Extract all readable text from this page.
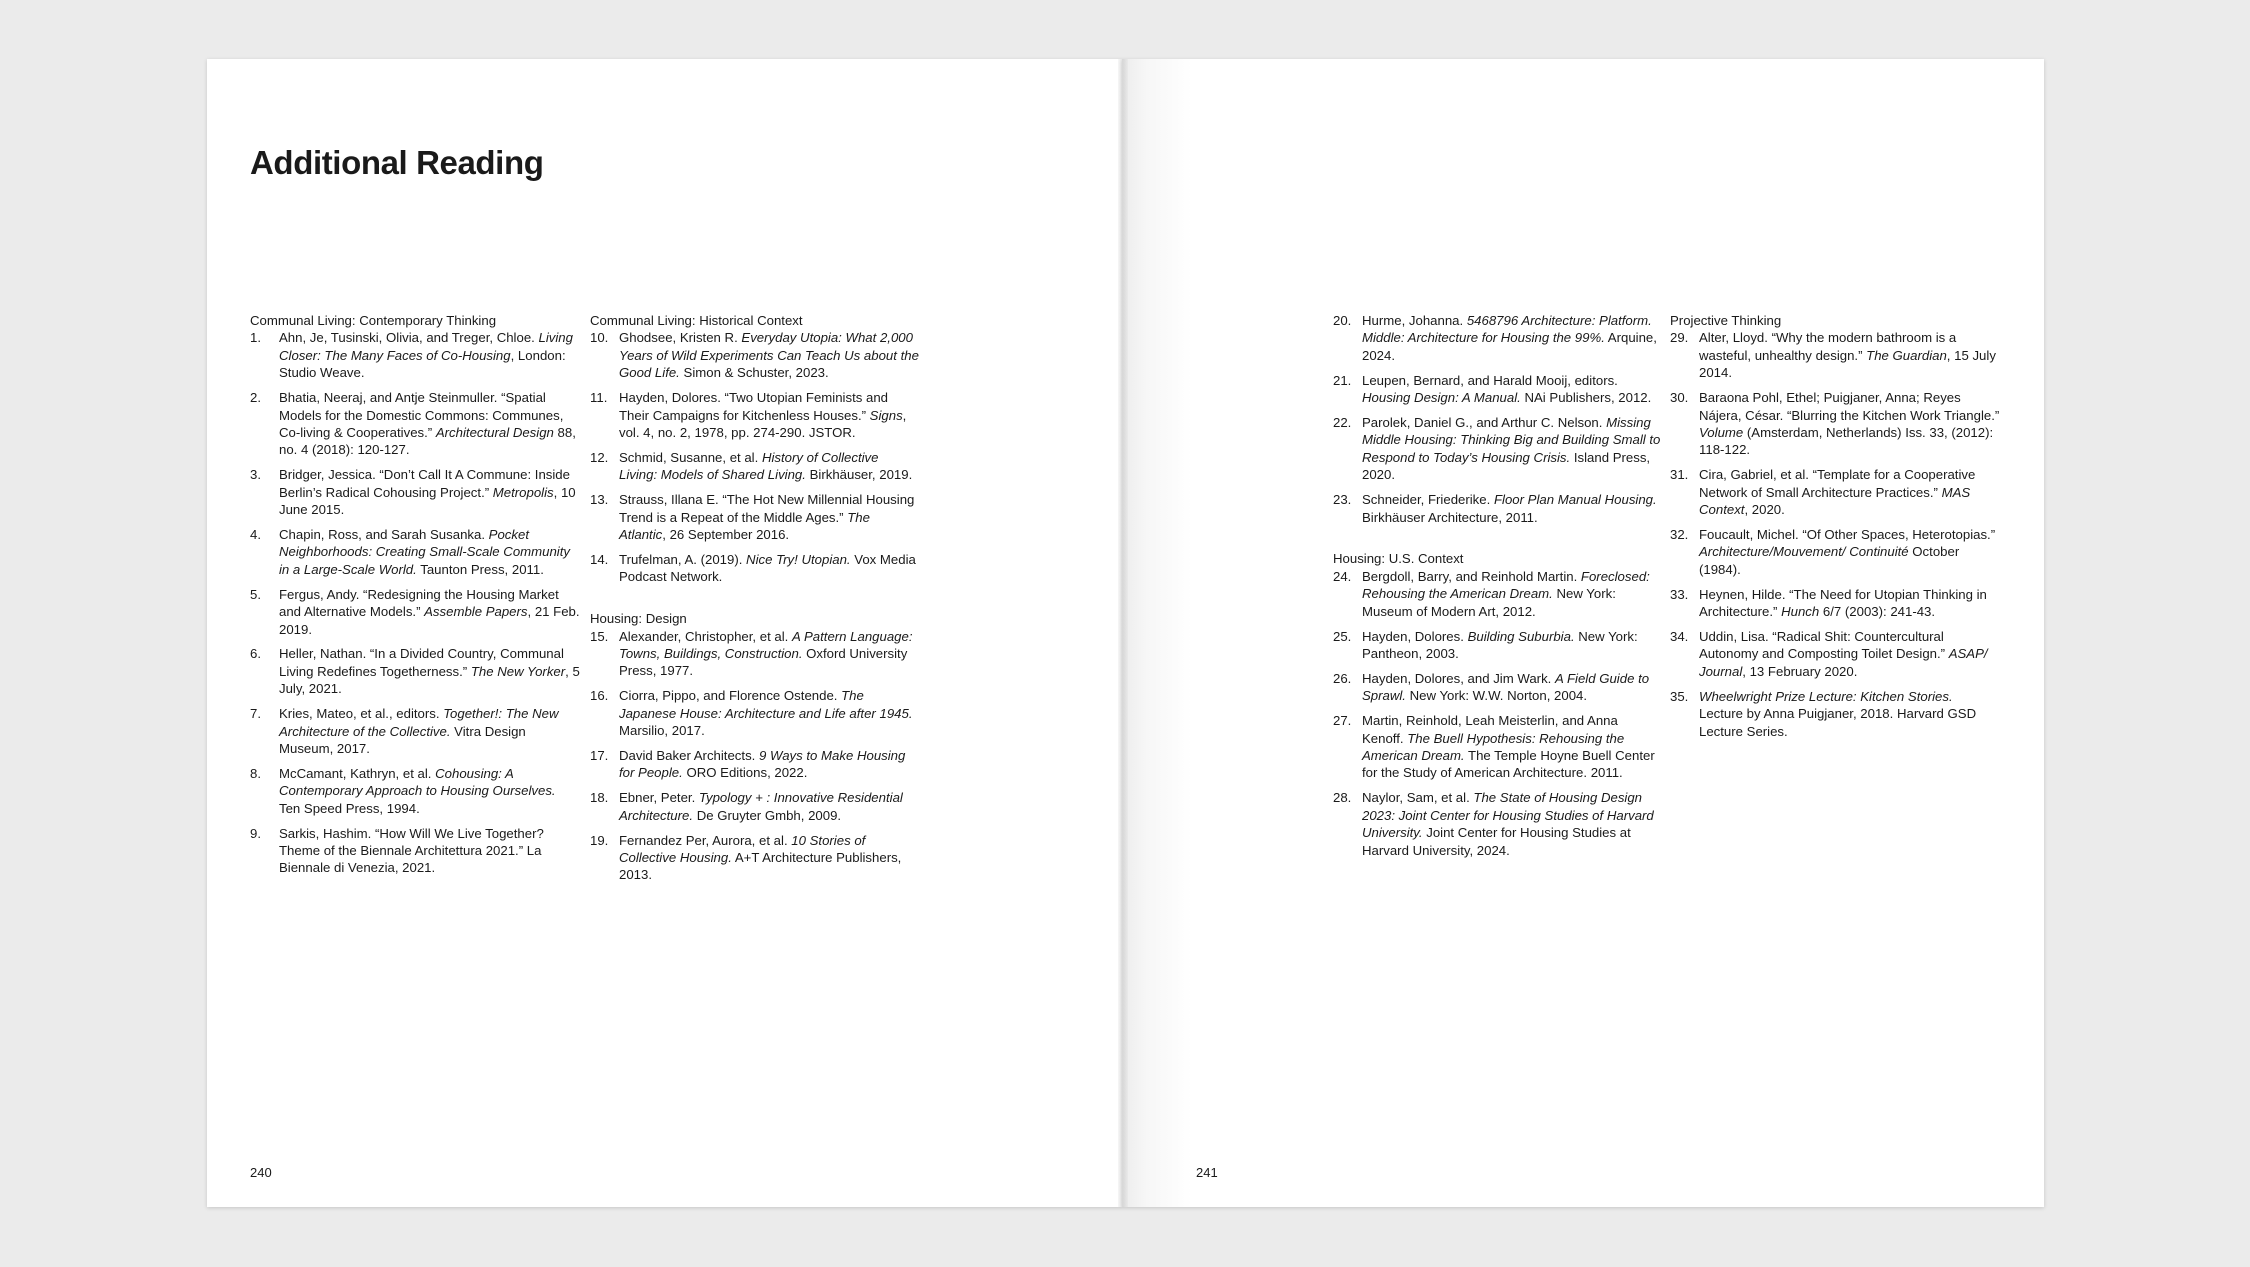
Additional Reading
Communal Living: Contemporary Thinking
1. Ahn, Je, Tusinski, Olivia, and Treger, Chloe. Living Closer: The Many Faces of Co-Housing, London: Studio Weave.
2. Bhatia, Neeraj, and Antje Steinmuller. “Spatial Models for the Domestic Commons: Communes, Co-living & Cooperatives.” Architectural Design 88, no. 4 (2018): 120-127.
3. Bridger, Jessica. “Don’t Call It A Commune: Inside Berlin’s Radical Cohousing Project.” Metropolis, 10 June 2015.
4. Chapin, Ross, and Sarah Susanka. Pocket Neighborhoods: Creating Small-Scale Community in a Large-Scale World. Taunton Press, 2011.
5. Fergus, Andy. “Redesigning the Housing Market and Alternative Models.” Assemble Papers, 21 Feb. 2019.
6. Heller, Nathan. “In a Divided Country, Communal Living Redefines Togetherness.” The New Yorker, 5 July, 2021.
7. Kries, Mateo, et al., editors. Together!: The New Architecture of the Collective. Vitra Design Museum, 2017.
8. McCamant, Kathryn, et al. Cohousing: A Contemporary Approach to Housing Ourselves. Ten Speed Press, 1994.
9. Sarkis, Hashim. “How Will We Live Together? Theme of the Biennale Architettura 2021.” La Biennale di Venezia, 2021.
Communal Living: Historical Context
10. Ghodsee, Kristen R. Everyday Utopia: What 2,000 Years of Wild Experiments Can Teach Us about the Good Life. Simon & Schuster, 2023.
11. Hayden, Dolores. “Two Utopian Feminists and Their Campaigns for Kitchenless Houses.” Signs, vol. 4, no. 2, 1978, pp. 274-290. JSTOR.
12. Schmid, Susanne, et al. History of Collective Living: Models of Shared Living. Birkhäuser, 2019.
13. Strauss, Illana E. “The Hot New Millennial Housing Trend is a Repeat of the Middle Ages.” The Atlantic, 26 September 2016.
14. Trufelman, A. (2019). Nice Try! Utopian. Vox Media Podcast Network.
Housing: Design
15. Alexander, Christopher, et al. A Pattern Language: Towns, Buildings, Construction. Oxford University Press, 1977.
16. Ciorra, Pippo, and Florence Ostende. The Japanese House: Architecture and Life after 1945. Marsilio, 2017.
17. David Baker Architects. 9 Ways to Make Housing for People. ORO Editions, 2022.
18. Ebner, Peter. Typology + : Innovative Residential Architecture. De Gruyter Gmbh, 2009.
19. Fernandez Per, Aurora, et al. 10 Stories of Collective Housing. A+T Architecture Publishers, 2013.
20. Hurme, Johanna. 5468796 Architecture: Platform. Middle: Architecture for Housing the 99%. Arquine, 2024.
21. Leupen, Bernard, and Harald Mooij, editors. Housing Design: A Manual. NAi Publishers, 2012.
22. Parolek, Daniel G., and Arthur C. Nelson. Missing Middle Housing: Thinking Big and Building Small to Respond to Today’s Housing Crisis. Island Press, 2020.
23. Schneider, Friederike. Floor Plan Manual Housing. Birkhäuser Architecture, 2011.
Housing: U.S. Context
24. Bergdoll, Barry, and Reinhold Martin. Foreclosed: Rehousing the American Dream. New York: Museum of Modern Art, 2012.
25. Hayden, Dolores. Building Suburbia. New York: Pantheon, 2003.
26. Hayden, Dolores, and Jim Wark. A Field Guide to Sprawl. New York: W.W. Norton, 2004.
27. Martin, Reinhold, Leah Meisterlin, and Anna Kenoff. The Buell Hypothesis: Rehousing the American Dream. The Temple Hoyne Buell Center for the Study of American Architecture. 2011.
28. Naylor, Sam, et al. The State of Housing Design 2023: Joint Center for Housing Studies of Harvard University. Joint Center for Housing Studies at Harvard University, 2024.
Projective Thinking
29. Alter, Lloyd. “Why the modern bathroom is a wasteful, unhealthy design.” The Guardian, 15 July 2014.
30. Baraona Pohl, Ethel; Puigjaner, Anna; Reyes Nájera, César. “Blurring the Kitchen Work Triangle.” Volume (Amsterdam, Netherlands) Iss. 33, (2012): 118-122.
31. Cira, Gabriel, et al. “Template for a Cooperative Network of Small Architecture Practices.” MAS Context, 2020.
32. Foucault, Michel. “Of Other Spaces, Heterotopias.” Architecture/Mouvement/ Continuité October (1984).
33. Heynen, Hilde. “The Need for Utopian Thinking in Architecture.” Hunch 6/7 (2003): 241-43.
34. Uddin, Lisa. “Radical Shit: Countercultural Autonomy and Composting Toilet Design.” ASAP/ Journal, 13 February 2020.
35. Wheelwright Prize Lecture: Kitchen Stories. Lecture by Anna Puigjaner, 2018. Harvard GSD Lecture Series.
240	241
